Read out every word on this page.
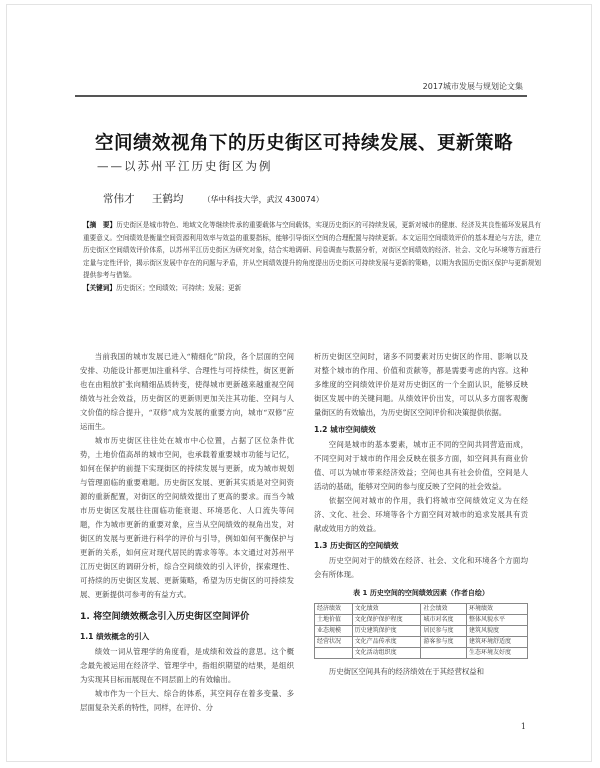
2017城市发展与规划论文集
空间绩效视角下的历史街区可持续发展、更新策略
——以苏州平江历史街区为例
常伟才 王鹤均 （华中科技大学，武汉 430074）
【摘　要】历史街区是城市特色、地域文化等继续传承的重要载体与空间载体，实现历史街区的可持续发展，更新对城市的健康、经济及其良性循环发展具有重要意义。空间绩效是衡量空间资源利用效率与效益的重要指标，能够引导街区空间的合理配置与持续更新。本文运用空间绩效评价的基本理论与方法，建立历史街区空间绩效评价体系，以苏州平江历史街区为研究对象，结合实地调研、问卷调查与数据分析，对街区空间绩效的经济、社会、文化与环境等方面进行定量与定性评价，揭示街区发展中存在的问题与矛盾，并从空间绩效提升的角度提出历史街区可持续发展与更新的策略，以期为我国历史街区保护与更新规划提供参考与借鉴。
【关键词】历史街区；空间绩效；可持续；发展；更新

当前我国的城市发展已进入“精细化”阶段，各个层面的空间安排、功能设计都更加注重科学、合理性与可持续性，街区更新也在由粗放扩张向精细品质转变，使得城市更新越来越重视空间绩效与社会效益，历史街区的更新则更加关注其功能、空间与人文价值的综合提升，“双修”成为发展的重要方向，城市“双修”应运而生。

城市历史街区往往处在城市中心位置，占据了区位条件优势，土地价值高昂的城市空间，也承载着重要城市功能与记忆，如何在保护的前提下实现街区的持续发展与更新，成为城市规划与管理面临的重要难题。历史街区发展、更新其实质是对空间资源的重新配置，对街区的空间绩效提出了更高的要求。而当今城市历史街区发展往往面临功能衰退、环境恶化、人口流失等问题，作为城市更新的重要对象，应当从空间绩效的视角出发，对街区的发展与更新进行科学的评价与引导，例如如何平衡保护与更新的关系，如何应对现代居民的需求等等。本文通过对苏州平江历史街区的调研分析，综合空间绩效的引入评价，探索理性、可持续的历史街区发展、更新策略，希望为历史街区的可持续发展、更新提供可参考的有益方式。

1. 将空间绩效概念引入历史街区空间评价
1.1 绩效概念的引入

绩效一词从管理学的角度看，是成绩和效益的意思。这个概念最先被运用在经济学、管理学中，指组织期望的结果，是组织为实现其目标而展现在不同层面上的有效输出。

城市作为一个巨大、综合的体系，其空间存在着多变量、多层面复杂关系的特性，同样，在评价、分

析历史街区空间时，诸多不同要素对历史街区的作用、影响以及对整个城市的作用、价值和贡献等，都是需要考虑的内容。这种多维度的空间绩效评价是对历史街区的一个全面认识，能够反映街区发展中的关键问题。从绩效评价出发，可以从多方面客观衡量街区的有效输出，为历史街区空间评价和决策提供依据。

1.2 城市空间绩效

空间是城市的基本要素，城市正不同的空间共同营造而成，不同空间对于城市的作用会反映在很多方面，如空间具有商业价值、可以为城市带来经济效益；空间也具有社会价值，空间是人活动的基础，能够对空间的参与度反映了空间的社会效益。

依据空间对城市的作用，我们将城市空间绩效定义为在经济、文化、社会、环境等各个方面空间对城市的追求发展具有贡献或效用方的效益。

1.3 历史街区的空间绩效

历史空间对于的绩效在经济、社会、文化和环境各个方面均会有所体现。

表 1 历史空间的空间绩效因素（作者自绘）
经济绩效	文化绩效	社会绩效	环境绩效
土地价值	文化保护保护程度	城市对名度	整体风貌水平
业态规模	历史建筑保护度	居民参与度	建筑风貌度
经营状况	文化产品传承度	游客参与度	建筑环境舒适度
	文化活动组织度		生态环境友好度

历史街区空间具有的经济绩效在于其经营权益和

1
